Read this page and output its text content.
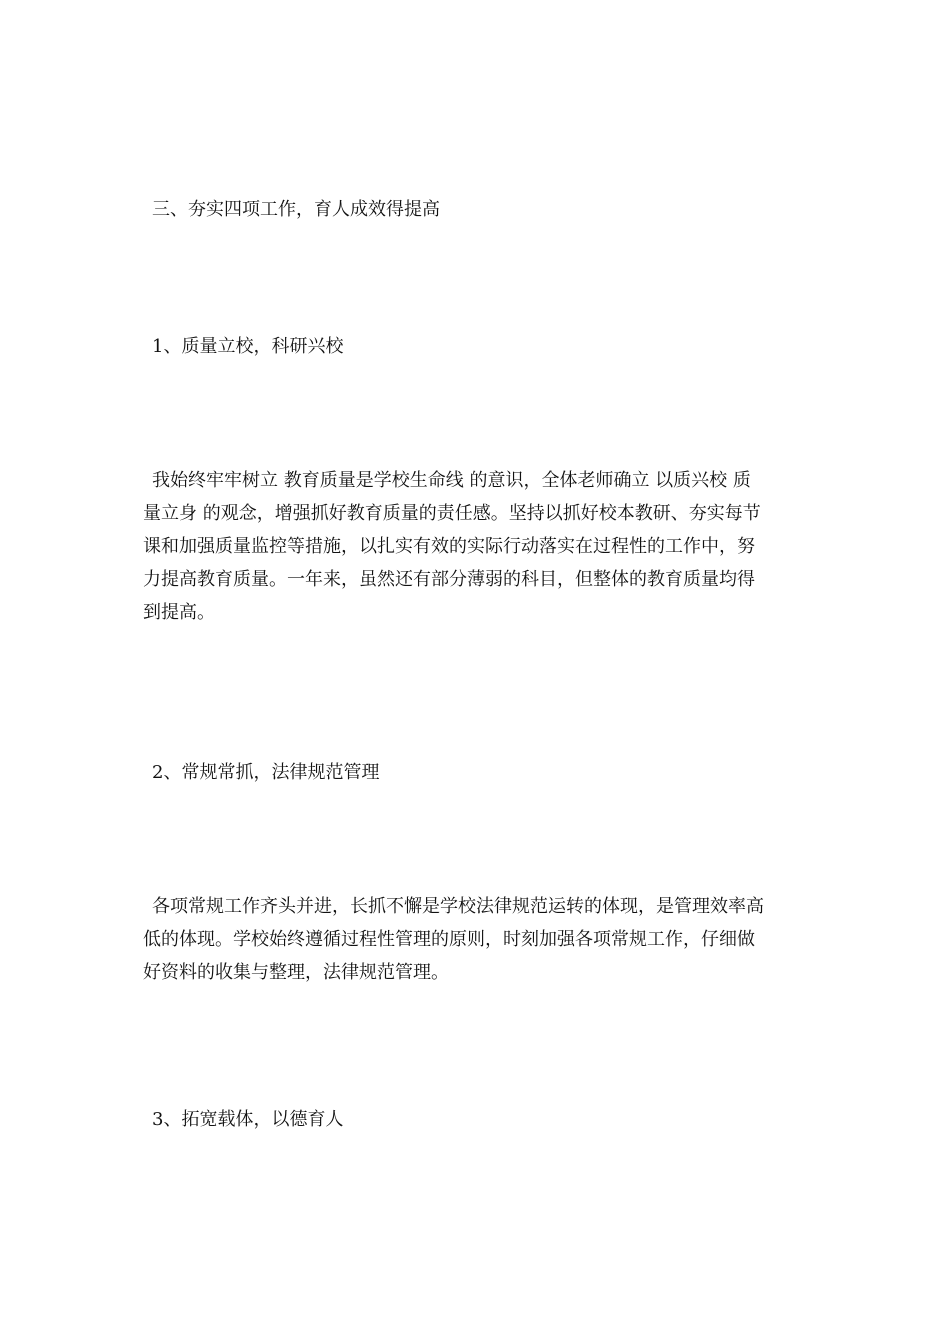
三、夯实四项工作，育人成效得提高

1、质量立校，科研兴校

我始终牢牢树立 教育质量是学校生命线 的意识，全体老师确立 以质兴校 质
量立身 的观念，增强抓好教育质量的责任感。坚持以抓好校本教研、夯实每节
课和加强质量监控等措施，以扎实有效的实际行动落实在过程性的工作中，努
力提高教育质量。一年来，虽然还有部分薄弱的科目，但整体的教育质量均得
到提高。

2、常规常抓，法律规范管理

各项常规工作齐头并进，长抓不懈是学校法律规范运转的体现，是管理效率高
低的体现。学校始终遵循过程性管理的原则，时刻加强各项常规工作，仔细做
好资料的收集与整理，法律规范管理。

3、拓宽载体，以德育人
